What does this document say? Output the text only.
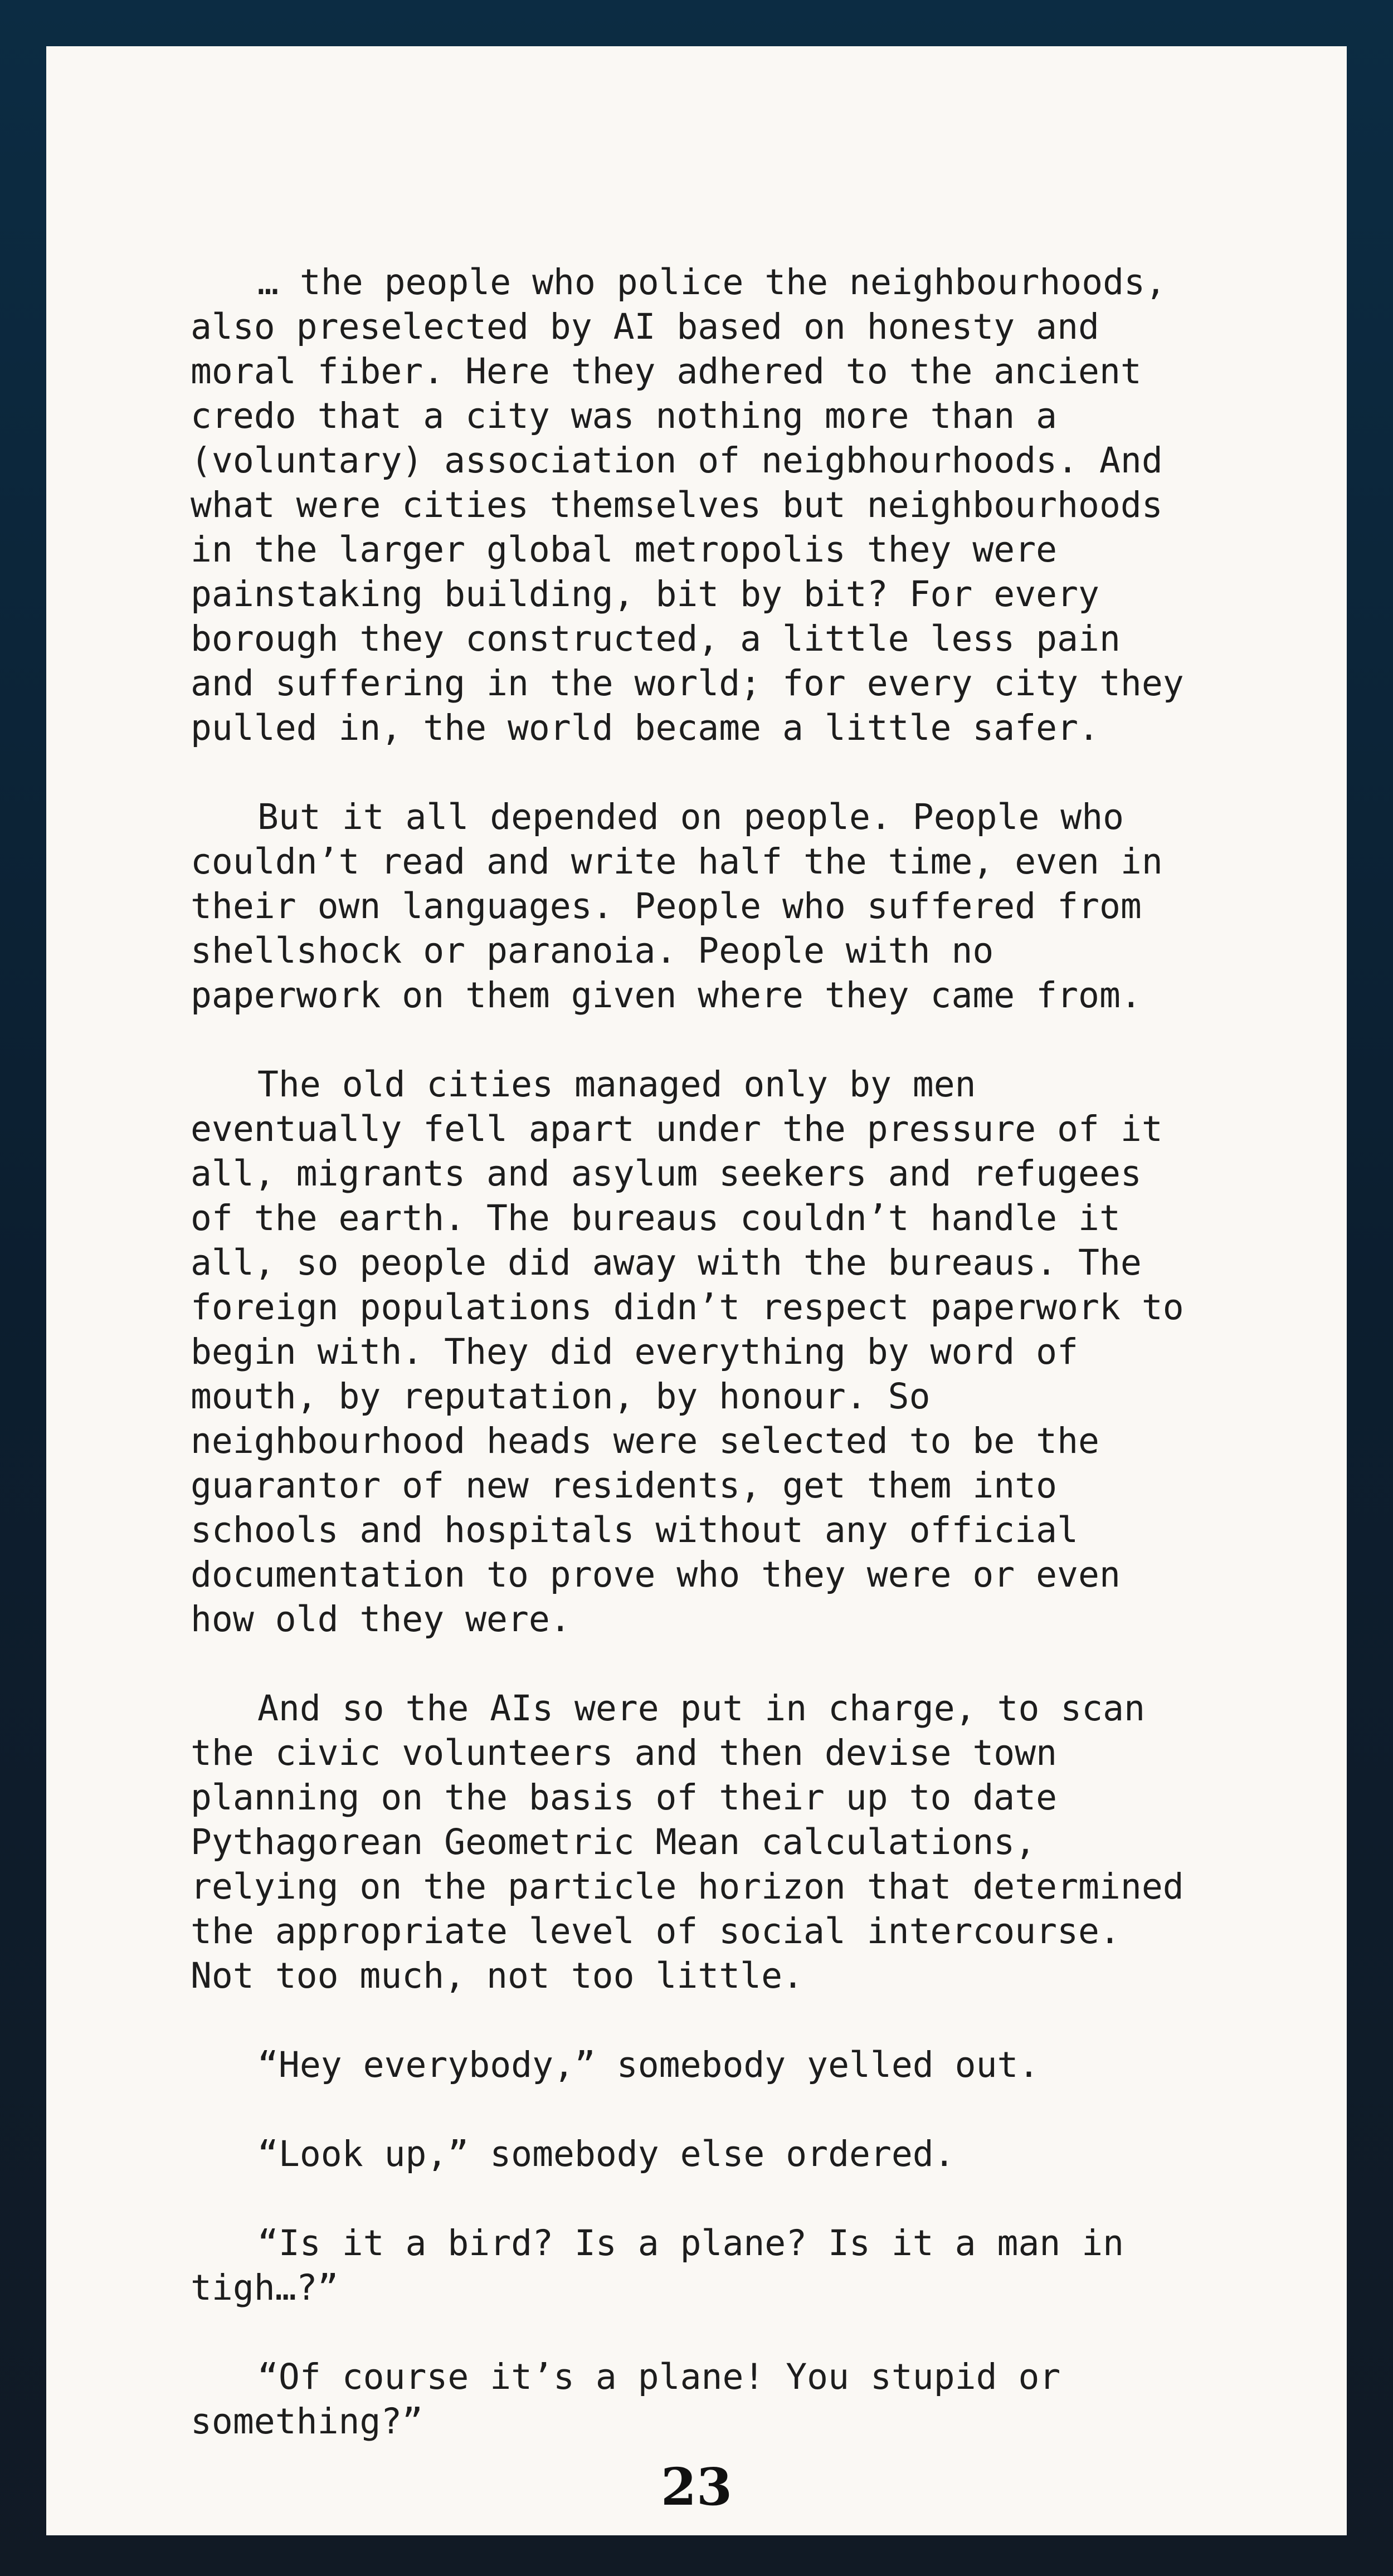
… the people who police the neighbourhoods,
also preselected by AI based on honesty and
moral fiber. Here they adhered to the ancient
credo that a city was nothing more than a
(voluntary) association of neigbhourhoods. And
what were cities themselves but neighbourhoods
in the larger global metropolis they were
painstaking building, bit by bit? For every
borough they constructed, a little less pain
and suffering in the world; for every city they
pulled in, the world became a little safer.

But it all depended on people. People who
couldn’t read and write half the time, even in
their own languages. People who suffered from
shellshock or paranoia. People with no
paperwork on them given where they came from.

The old cities managed only by men
eventually fell apart under the pressure of it
all, migrants and asylum seekers and refugees
of the earth. The bureaus couldn’t handle it
all, so people did away with the bureaus. The
foreign populations didn’t respect paperwork to
begin with. They did everything by word of
mouth, by reputation, by honour. So
neighbourhood heads were selected to be the
guarantor of new residents, get them into
schools and hospitals without any official
documentation to prove who they were or even
how old they were.

And so the AIs were put in charge, to scan
the civic volunteers and then devise town
planning on the basis of their up to date
Pythagorean Geometric Mean calculations,
relying on the particle horizon that determined
the appropriate level of social intercourse.
Not too much, not too little.

“Hey everybody,” somebody yelled out.

“Look up,” somebody else ordered.

“Is it a bird? Is a plane? Is it a man in
tigh…?”

“Of course it’s a plane! You stupid or
something?”

23
